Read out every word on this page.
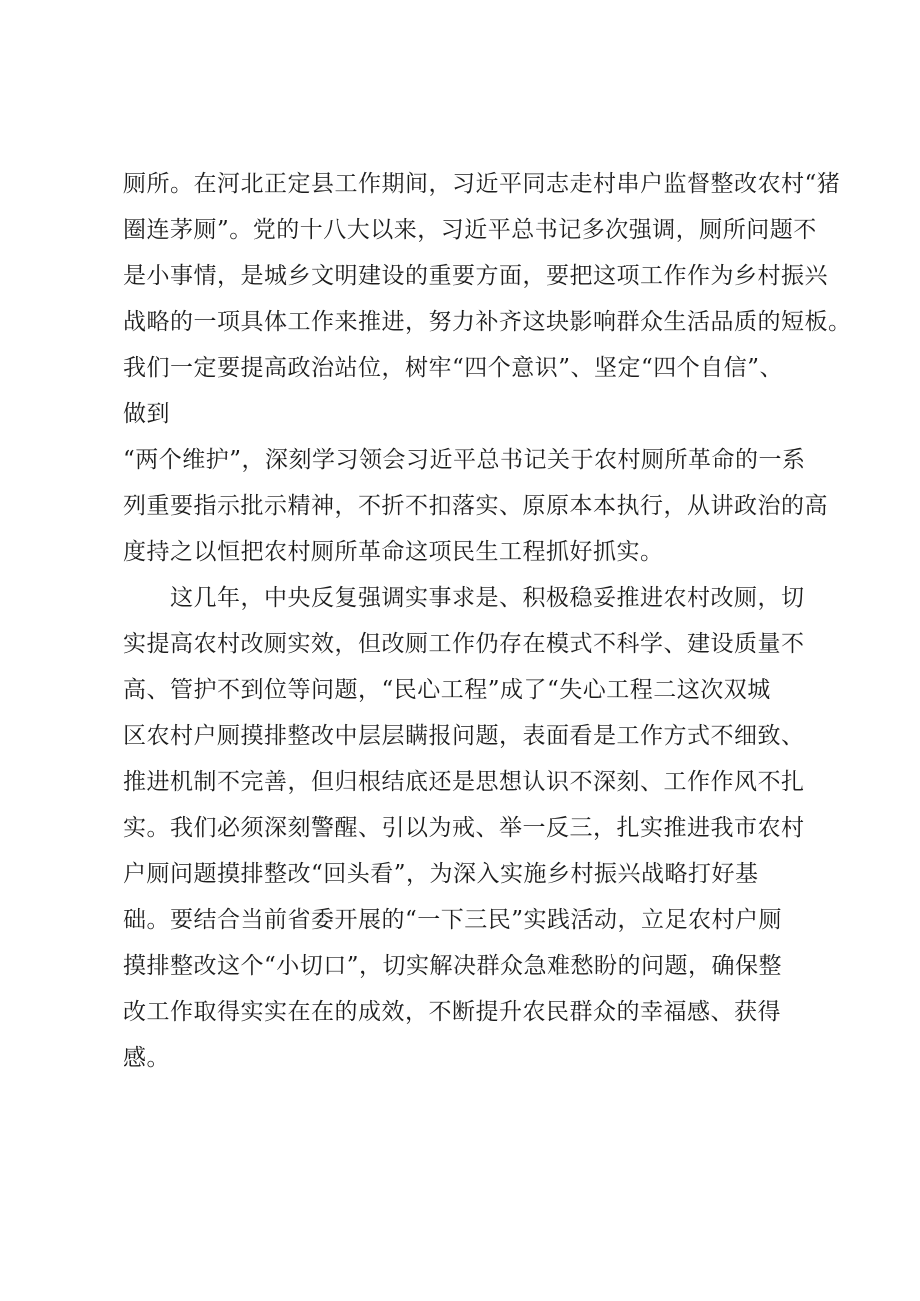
厕所。在河北正定县工作期间，习近平同志走村串户监督整改农村“猪
圈连茅厕”。党的十八大以来，习近平总书记多次强调，厕所问题不
是小事情，是城乡文明建设的重要方面，要把这项工作作为乡村振兴
战略的一项具体工作来推进，努力补齐这块影响群众生活品质的短板。
我们一定要提高政治站位，树牢“四个意识”、坚定“四个自信”、
做到
“两个维护”，深刻学习领会习近平总书记关于农村厕所革命的一系
列重要指示批示精神，不折不扣落实、原原本本执行，从讲政治的高
度持之以恒把农村厕所革命这项民生工程抓好抓实。
这几年，中央反复强调实事求是、积极稳妥推进农村改厕，切
实提高农村改厕实效，但改厕工作仍存在模式不科学、建设质量不
高、管护不到位等问题，“民心工程”成了“失心工程二这次双城
区农村户厕摸排整改中层层瞒报问题，表面看是工作方式不细致、
推进机制不完善，但归根结底还是思想认识不深刻、工作作风不扎
实。我们必须深刻警醒、引以为戒、举一反三，扎实推进我市农村
户厕问题摸排整改“回头看”，为深入实施乡村振兴战略打好基
础。要结合当前省委开展的“一下三民”实践活动，立足农村户厕
摸排整改这个“小切口”，切实解决群众急难愁盼的问题，确保整
改工作取得实实在在的成效，不断提升农民群众的幸福感、获得
感。
